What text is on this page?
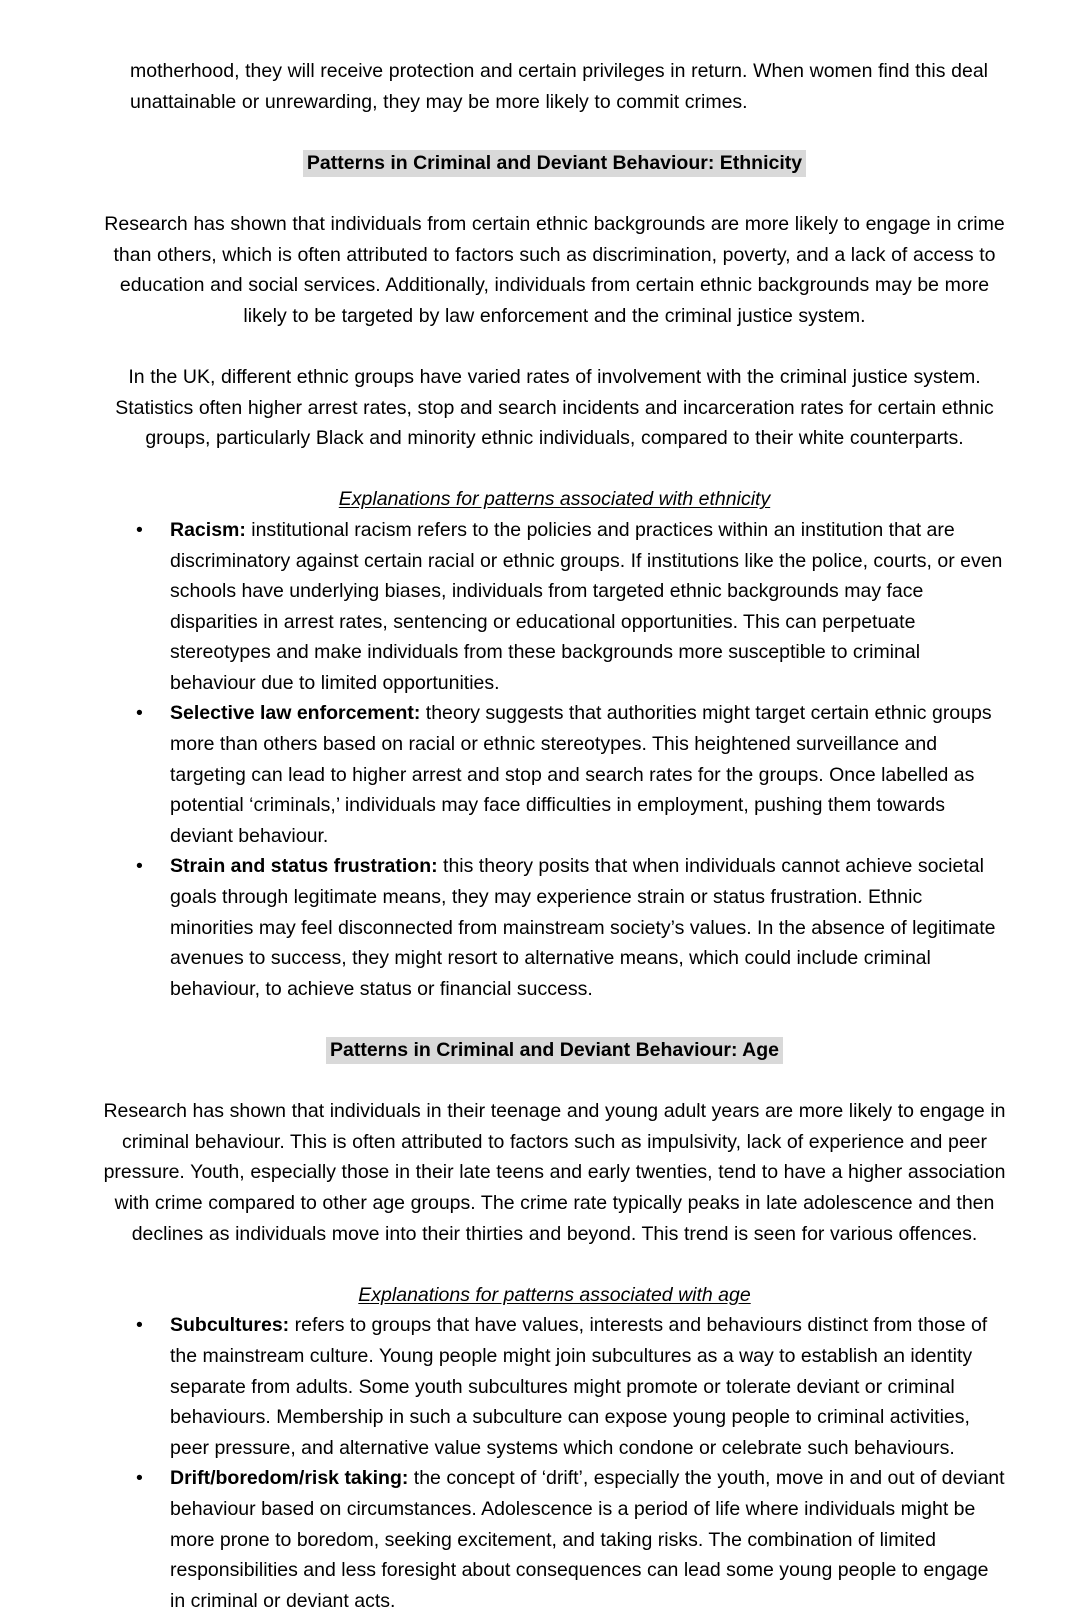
motherhood, they will receive protection and certain privileges in return. When women find this deal unattainable or unrewarding, they may be more likely to commit crimes.

Patterns in Criminal and Deviant Behaviour: Ethnicity

Research has shown that individuals from certain ethnic backgrounds are more likely to engage in crime than others, which is often attributed to factors such as discrimination, poverty, and a lack of access to education and social services. Additionally, individuals from certain ethnic backgrounds may be more likely to be targeted by law enforcement and the criminal justice system.

In the UK, different ethnic groups have varied rates of involvement with the criminal justice system. Statistics often higher arrest rates, stop and search incidents and incarceration rates for certain ethnic groups, particularly Black and minority ethnic individuals, compared to their white counterparts.

Explanations for patterns associated with ethnicity
• Racism: institutional racism refers to the policies and practices within an institution that are discriminatory against certain racial or ethnic groups. If institutions like the police, courts, or even schools have underlying biases, individuals from targeted ethnic backgrounds may face disparities in arrest rates, sentencing or educational opportunities. This can perpetuate stereotypes and make individuals from these backgrounds more susceptible to criminal behaviour due to limited opportunities.
• Selective law enforcement: theory suggests that authorities might target certain ethnic groups more than others based on racial or ethnic stereotypes. This heightened surveillance and targeting can lead to higher arrest and stop and search rates for the groups. Once labelled as potential ‘criminals,’ individuals may face difficulties in employment, pushing them towards deviant behaviour.
• Strain and status frustration: this theory posits that when individuals cannot achieve societal goals through legitimate means, they may experience strain or status frustration. Ethnic minorities may feel disconnected from mainstream society’s values. In the absence of legitimate avenues to success, they might resort to alternative means, which could include criminal behaviour, to achieve status or financial success.
Patterns in Criminal and Deviant Behaviour: Age

Research has shown that individuals in their teenage and young adult years are more likely to engage in criminal behaviour. This is often attributed to factors such as impulsivity, lack of experience and peer pressure. Youth, especially those in their late teens and early twenties, tend to have a higher association with crime compared to other age groups. The crime rate typically peaks in late adolescence and then declines as individuals move into their thirties and beyond. This trend is seen for various offences.

Explanations for patterns associated with age
• Subcultures: refers to groups that have values, interests and behaviours distinct from those of the mainstream culture. Young people might join subcultures as a way to establish an identity separate from adults. Some youth subcultures might promote or tolerate deviant or criminal behaviours. Membership in such a subculture can expose young people to criminal activities, peer pressure, and alternative value systems which condone or celebrate such behaviours.
• Drift/boredom/risk taking: the concept of ‘drift’, especially the youth, move in and out of deviant behaviour based on circumstances. Adolescence is a period of life where individuals might be more prone to boredom, seeking excitement, and taking risks. The combination of limited responsibilities and less foresight about consequences can lead some young people to engage in criminal or deviant acts.
